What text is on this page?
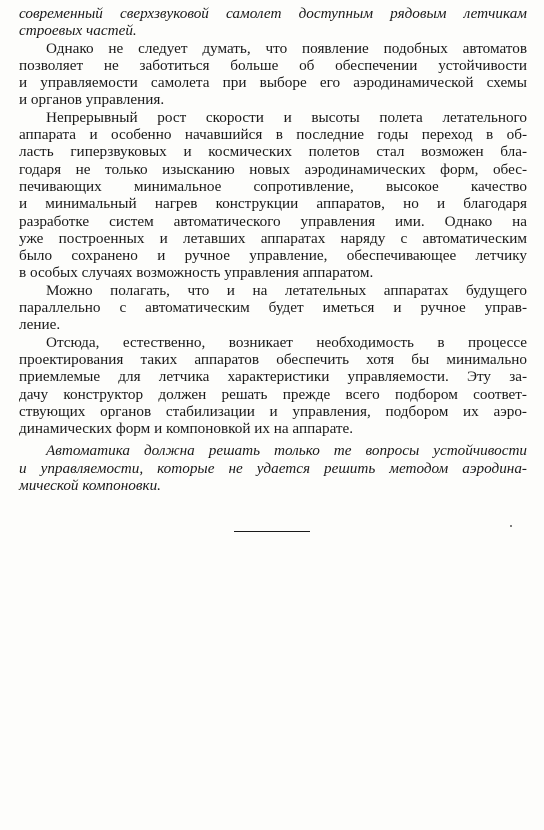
современный сверхзвуковой самолет доступным рядовым летчикам
строевых частей.
Однако не следует думать, что появление подобных автоматов
позволяет не заботиться больше об обеспечении устойчивости
и управляемости самолета при выборе его аэродинамической схемы
и органов управления.
Непрерывный рост скорости и высоты полета летательного
аппарата и особенно начавшийся в последние годы переход в об-
ласть гиперзвуковых и космических полетов стал возможен бла-
годаря не только изысканию новых аэродинамических форм, обес-
печивающих минимальное сопротивление, высокое качество
и минимальный нагрев конструкции аппаратов, но и благодаря
разработке систем автоматического управления ими. Однако на
уже построенных и летавших аппаратах наряду с автоматическим
было сохранено и ручное управление, обеспечивающее летчику
в особых случаях возможность управления аппаратом.
Можно полагать, что и на летательных аппаратах будущего
параллельно с автоматическим будет иметься и ручное управ-
ление.
Отсюда, естественно, возникает необходимость в процессе
проектирования таких аппаратов обеспечить хотя бы минимально
приемлемые для летчика характеристики управляемости. Эту за-
дачу конструктор должен решать прежде всего подбором соответ-
ствующих органов стабилизации и управления, подбором их аэро-
динамических форм и компоновкой их на аппарате.
Автоматика должна решать только те вопросы устойчивости
и управляемости, которые не удается решить методом аэродина-
мической компоновки.
